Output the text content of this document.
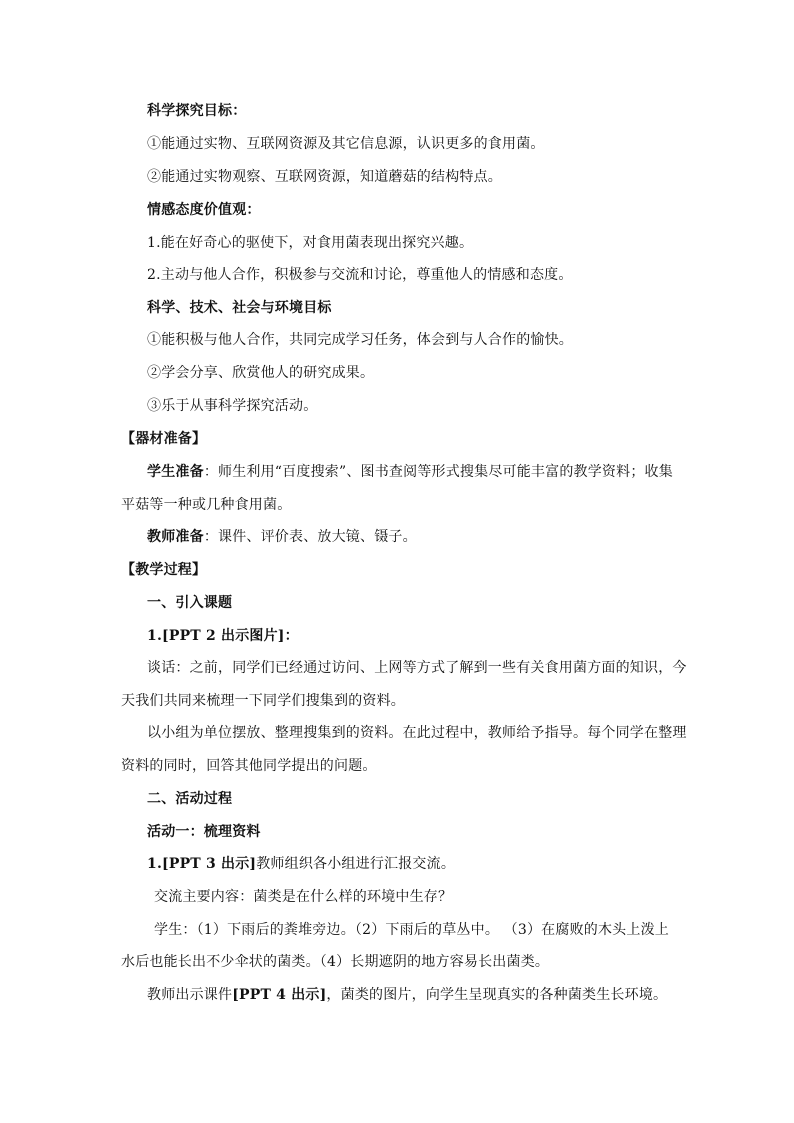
科学探究目标：
①能通过实物、互联网资源及其它信息源，认识更多的食用菌。
②能通过实物观察、互联网资源，知道蘑菇的结构特点。
情感态度价值观：
1.能在好奇心的驱使下，对食用菌表现出探究兴趣。
2.主动与他人合作，积极参与交流和讨论，尊重他人的情感和态度。
科学、技术、社会与环境目标
①能积极与他人合作，共同完成学习任务，体会到与人合作的愉快。
②学会分享、欣赏他人的研究成果。
③乐于从事科学探究活动。
【器材准备】
学生准备：师生利用“百度搜索”、图书查阅等形式搜集尽可能丰富的教学资料；收集
平菇等一种或几种食用菌。
教师准备：课件、评价表、放大镜、镊子。
【教学过程】
一、引入课题
1.[PPT 2 出示图片]：
谈话：之前，同学们已经通过访问、上网等方式了解到一些有关食用菌方面的知识，今
天我们共同来梳理一下同学们搜集到的资料。
以小组为单位摆放、整理搜集到的资料。在此过程中，教师给予指导。每个同学在整理
资料的同时，回答其他同学提出的问题。
二、活动过程
活动一：梳理资料
1.[PPT 3 出示]教师组织各小组进行汇报交流。
交流主要内容：菌类是在什么样的环境中生存？
学生：（1）下雨后的粪堆旁边。（2）下雨后的草丛中。 （3）在腐败的木头上泼上
水后也能长出不少伞状的菌类。（4）长期遮阴的地方容易长出菌类。
教师出示课件[PPT 4 出示]，菌类的图片，向学生呈现真实的各种菌类生长环境。
